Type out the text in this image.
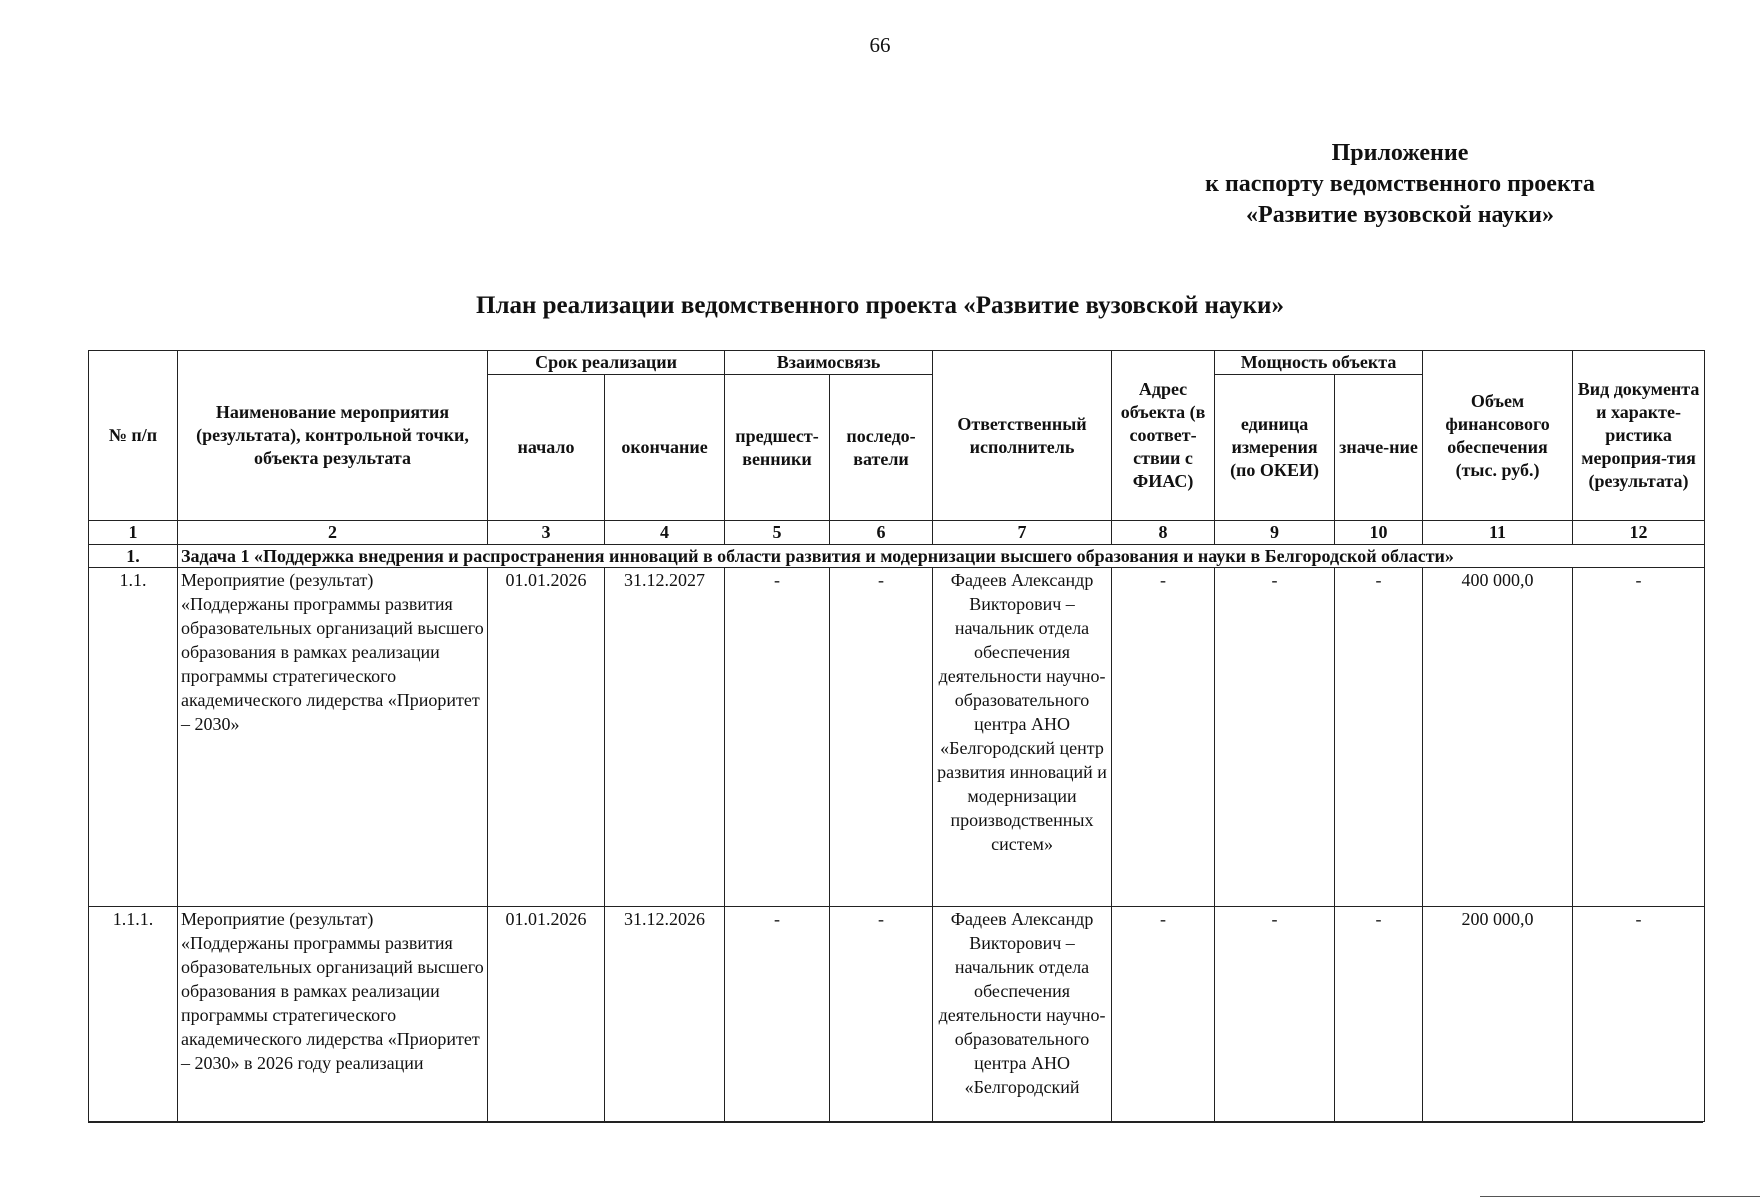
66
Приложение
к паспорту ведомственного проекта
«Развитие вузовской науки»
План реализации ведомственного проекта «Развитие вузовской науки»
№ п/п	Наименование мероприятия (результата), контрольной точки, объекта результата	Срок реализации		Взаимосвязь		Ответственный исполнитель	Адрес объекта (в соответ-ствии с ФИАС)	Мощность объекта		Объем финансового обеспечения (тыс. руб.)	Вид документа и характе-ристика мероприя-тия (результата)
		начало	окончание	предшест-венники	последо-ватели			единица измерения (по ОКЕИ)	значе-ние		
1	2	3	4	5	6	7	8	9	10	11	12
1.	Задача 1 «Поддержка внедрения и распространения инноваций в области развития и модернизации высшего образования и науки в Белгородской области»										
1.1.	Мероприятие (результат) «Поддержаны программы развития образовательных организаций высшего образования в рамках реализации программы стратегического академического лидерства «Приоритет – 2030»	01.01.2026	31.12.2027	-	-	Фадеев Александр Викторович – начальник отдела обеспечения деятельности научно-образовательного центра АНО «Белгородский центр развития инноваций и модернизации производственных систем»	-	-	-	400 000,0	-
1.1.1.	Мероприятие (результат) «Поддержаны программы развития образовательных организаций высшего образования в рамках реализации программы стратегического академического лидерства «Приоритет – 2030» в 2026 году реализации	01.01.2026	31.12.2026	-	-	Фадеев Александр Викторович – начальник отдела обеспечения деятельности научно-образовательного центра АНО «Белгородский	-	-	-	200 000,0	-
